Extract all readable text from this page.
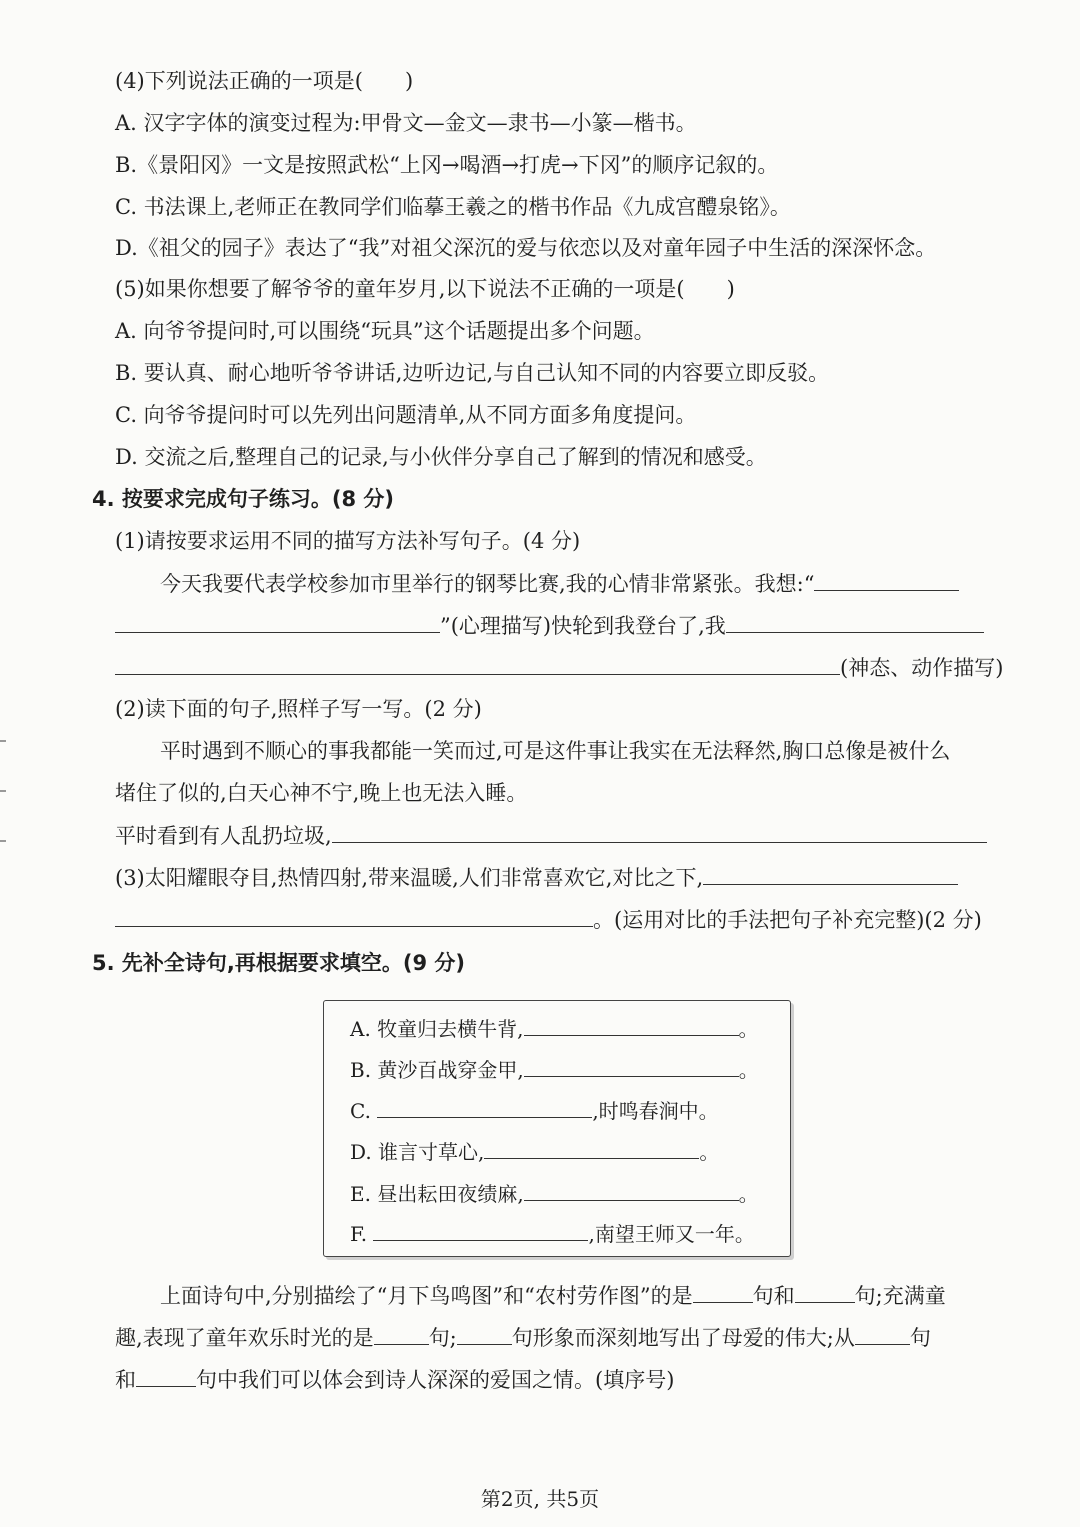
(4)下列说法正确的一项是(　　)
A. 汉字字体的演变过程为:甲骨文—金文—隶书—小篆—楷书。
B.《景阳冈》一文是按照武松“上冈→喝酒→打虎→下冈”的顺序记叙的。
C. 书法课上,老师正在教同学们临摹王羲之的楷书作品《九成宫醴泉铭》。
D.《祖父的园子》表达了“我”对祖父深沉的爱与依恋以及对童年园子中生活的深深怀念。
(5)如果你想要了解爷爷的童年岁月,以下说法不正确的一项是(　　)
A. 向爷爷提问时,可以围绕“玩具”这个话题提出多个问题。
B. 要认真、耐心地听爷爷讲话,边听边记,与自己认知不同的内容要立即反驳。
C. 向爷爷提问时可以先列出问题清单,从不同方面多角度提问。
D. 交流之后,整理自己的记录,与小伙伴分享自己了解到的情况和感受。
4. 按要求完成句子练习。(8 分)
(1)请按要求运用不同的描写方法补写句子。(4 分)
今天我要代表学校参加市里举行的钢琴比赛,我的心情非常紧张。我想:“
”(心理描写)快轮到我登台了,我
(神态、动作描写)
(2)读下面的句子,照样子写一写。(2 分)
平时遇到不顺心的事我都能一笑而过,可是这件事让我实在无法释然,胸口总像是被什么
堵住了似的,白天心神不宁,晚上也无法入睡。
平时看到有人乱扔垃圾,
(3)太阳耀眼夺目,热情四射,带来温暖,人们非常喜欢它,对比之下,
。(运用对比的手法把句子补充完整)(2 分)
5. 先补全诗句,再根据要求填空。(9 分)
A. 牧童归去横牛背,	。
B. 黄沙百战穿金甲,	。
C.	,时鸣春涧中。
D. 谁言寸草心,	。
E. 昼出耘田夜绩麻,	。
F.	,南望王师又一年。
上面诗句中,分别描绘了“月下鸟鸣图”和“农村劳作图”的是	句和	句;充满童
趣,表现了童年欢乐时光的是	句;	句形象而深刻地写出了母爱的伟大;从	句
和	句中我们可以体会到诗人深深的爱国之情。(填序号)
第2页, 共5页
